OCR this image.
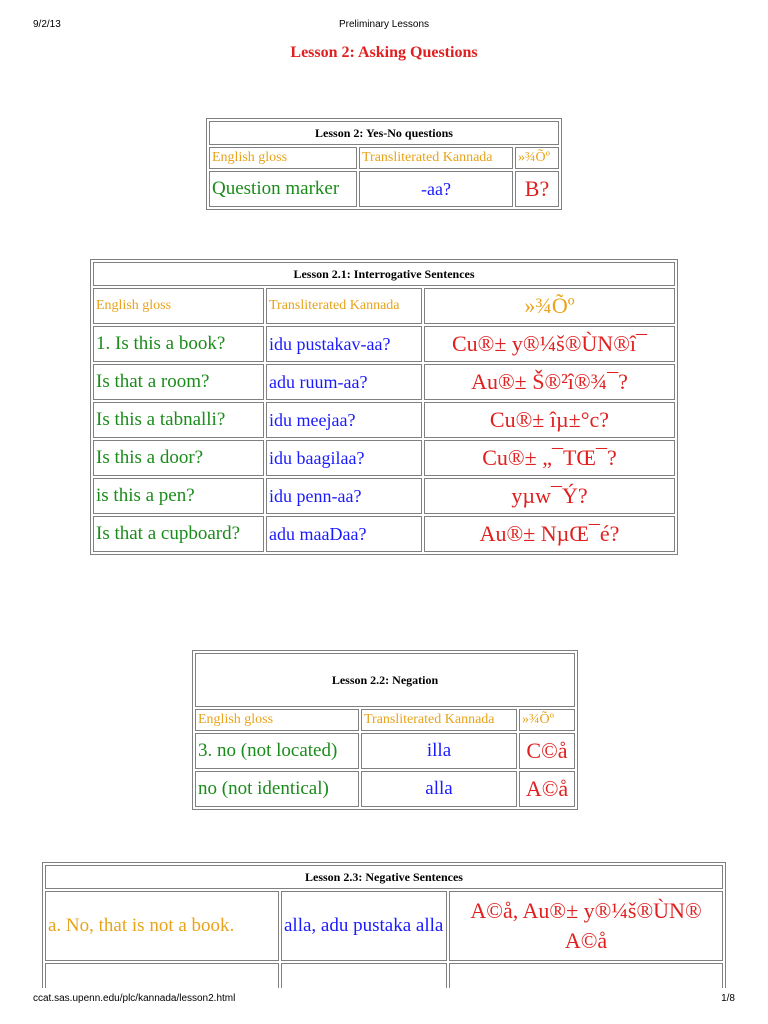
9/2/13	Preliminary Lessons
Lesson 2: Asking Questions
Lesson 2: Yes-No questions		
English gloss	Transliterated Kannada	»¾Õº
Question marker	-aa?	B?
Lesson 2.1: Interrogative Sentences		
English gloss	Transliterated Kannada	»¾Õº
1. Is this a book?	idu pustakav-aa?	Cu®± y®¼š®ÙN®î¯
Is that a room?	adu ruum-aa?	Au®± Š®²î®¾¯?
Is this a tabnalli?	idu meejaa?	Cu®± îµ±°c?
Is this a door?	idu baagilaa?	Cu®± „¯TŒ¯?
is this a pen?	idu penn-aa?	yµw¯Ý?
Is that a cupboard?	adu maaDaa?	Au®± NµŒ¯é?
Lesson 2.2: Negation		
English gloss	Transliterated Kannada	»¾Õº
3. no (not located)	illa	C©å
no (not identical)	alla	A©å
Lesson 2.3: Negative Sentences		
a. No, that is not a book.	alla, adu pustaka alla	A©å, Au®± y®¼š®ÙN® A©å

ccat.sas.upenn.edu/plc/kannada/lesson2.html	1/8
